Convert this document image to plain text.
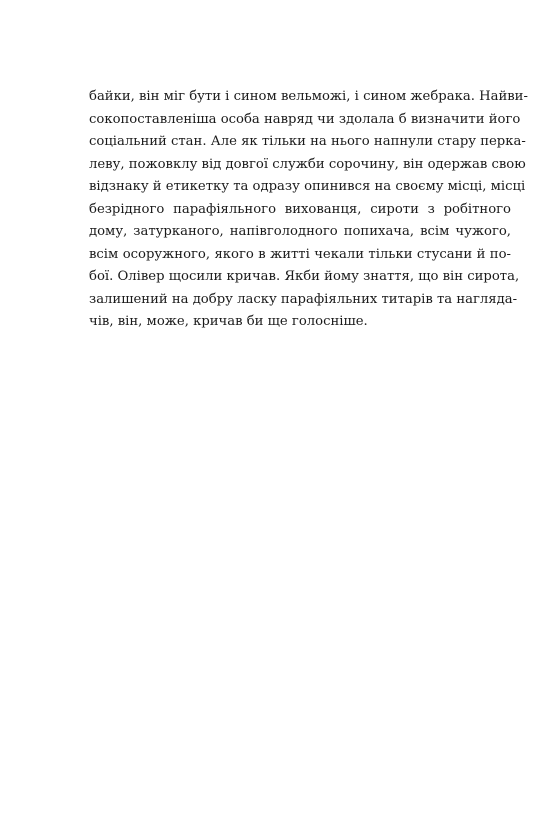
байки, він міг бути і сином вельможі, і сином жебрака. Найви-
сокопоставленіша особа навряд чи здолала б визначити його
соціальний стан. Але як тільки на нього напнули стару перка-
леву, пожовклу від довгої служби сорочину, він одержав свою
відзнаку й етикетку та одразу опинився на своєму місці, місці
безрідного парафіяльного вихованця, сироти з робітного
дому, затурканого, напівголодного попихача, всім чужого,
всім осоружного, якого в житті чекали тільки стусани й по-
бої. Олівер щосили кричав. Якби йому знаття, що він сирота,
залишений на добру ласку парафіяльних титарів та наглядa-
чів, він, може, кричав би ще голосніше.
